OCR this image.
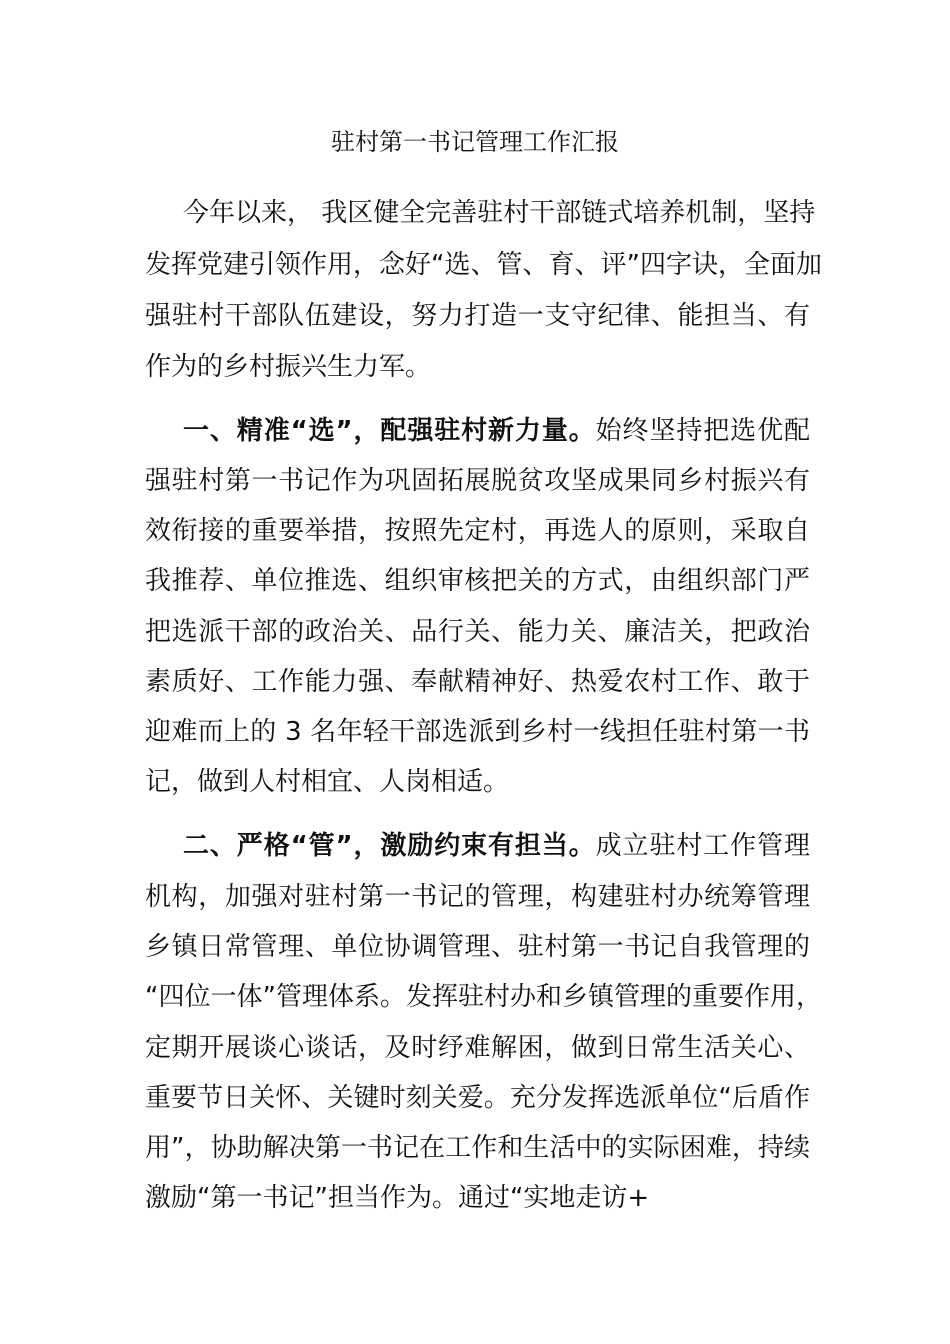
驻村第一书记管理工作汇报

今年以来， 我区健全完善驻村干部链式培养机制，坚持

发挥党建引领作用，念好“选、管、育、评”四字诀，全面加

强驻村干部队伍建设，努力打造一支守纪律、能担当、有

作为的乡村振兴生力军。

一、精准“选”，配强驻村新力量。始终坚持把选优配

强驻村第一书记作为巩固拓展脱贫攻坚成果同乡村振兴有

效衔接的重要举措，按照先定村，再选人的原则，采取自

我推荐、单位推选、组织审核把关的方式，由组织部门严

把选派干部的政治关、品行关、能力关、廉洁关，把政治

素质好、工作能力强、奉献精神好、热爱农村工作、敢于

迎难而上的 3 名年轻干部选派到乡村一线担任驻村第一书

记，做到人村相宜、人岗相适。

二、严格“管”，激励约束有担当。成立驻村工作管理

机构，加强对驻村第一书记的管理，构建驻村办统筹管理

乡镇日常管理、单位协调管理、驻村第一书记自我管理的

“四位一体”管理体系。发挥驻村办和乡镇管理的重要作用，

定期开展谈心谈话，及时纾难解困，做到日常生活关心、

重要节日关怀、关键时刻关爱。充分发挥选派单位“后盾作

用”，协助解决第一书记在工作和生活中的实际困难，持续

激励“第一书记”担当作为。通过“实地走访+
